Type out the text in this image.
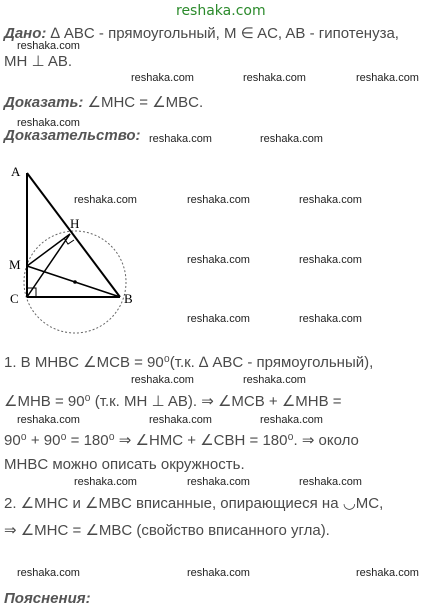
reshaka.com
Дано: ∆ ABC - прямоугольный, M ∈ AC, AB - гипотенуза,
MH ⊥ AB.
Доказать: ∠MHC = ∠MBC.
Доказательство:
A
H
M
C	B
1. В MHBC ∠MCB = 90⁰(т.к. ∆ ABC - прямоугольный),
∠MHB = 90⁰ (т.к. MH ⊥ AB). ⇒ ∠MCB + ∠MHB =
90⁰ + 90⁰ = 180⁰ ⇒ ∠HMC + ∠CBH = 180⁰. ⇒ около
MHBC можно описать окружность.
2. ∠MHC и ∠MBC вписанные, опирающиеся на ◡MC,
⇒ ∠MHC = ∠MBC (свойство вписанного угла).
Пояснения:
reshaka.com
reshaka.com	reshaka.com	reshaka.com
reshaka.com
reshaka.com	reshaka.com
reshaka.com	reshaka.com	reshaka.com
reshaka.com	reshaka.com
reshaka.com	reshaka.com
reshaka.com	reshaka.com
reshaka.com	reshaka.com	reshaka.com
reshaka.com	reshaka.com	reshaka.com
reshaka.com	reshaka.com	reshaka.com
